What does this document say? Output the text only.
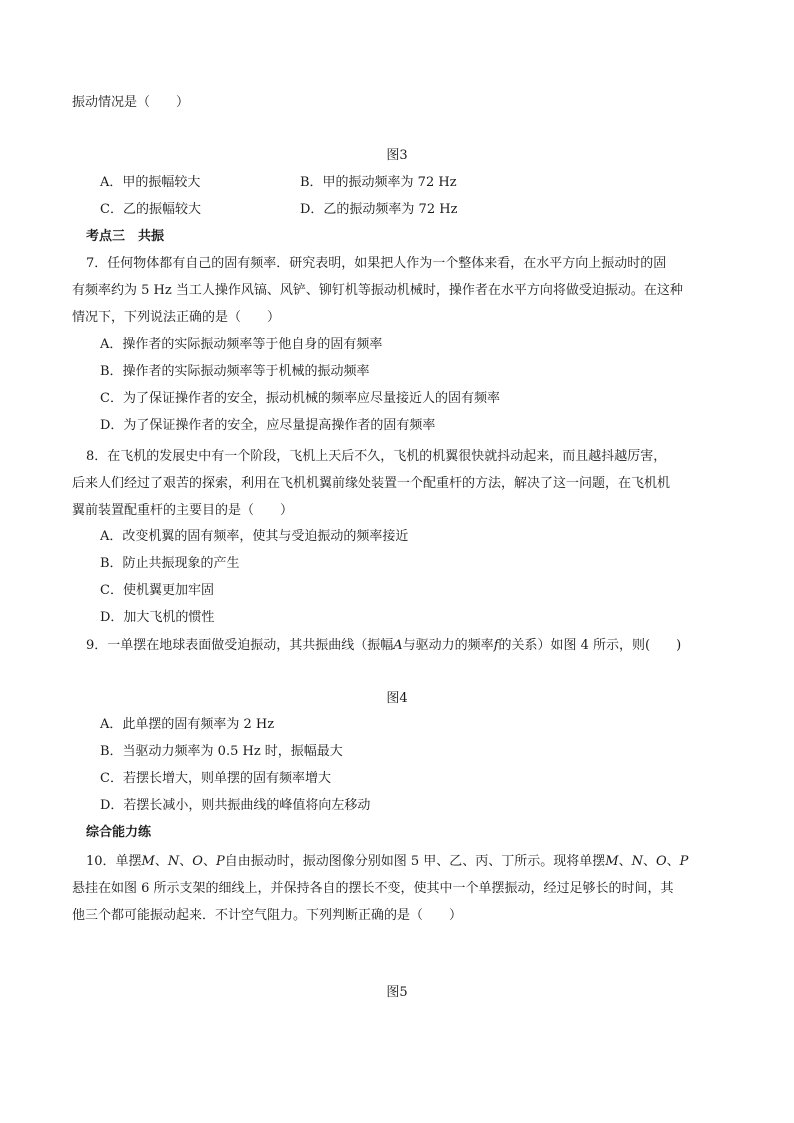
振动情况是（　　）
图3
A．甲的振幅较大	B．甲的振动频率为 72 Hz
C．乙的振幅较大	D．乙的振动频率为 72 Hz
考点三　共振
7．任何物体都有自己的固有频率．研究表明，如果把人作为一个整体来看，在水平方向上振动时的固
有频率约为 5 Hz 当工人操作风镐、风铲、铆钉机等振动机械时，操作者在水平方向将做受迫振动。在这种
情况下，下列说法正确的是（　　）
A．操作者的实际振动频率等于他自身的固有频率
B．操作者的实际振动频率等于机械的振动频率
C．为了保证操作者的安全，振动机械的频率应尽量接近人的固有频率
D．为了保证操作者的安全，应尽量提高操作者的固有频率
8．在飞机的发展史中有一个阶段，飞机上天后不久，飞机的机翼很快就抖动起来，而且越抖越厉害，
后来人们经过了艰苦的探索，利用在飞机机翼前缘处装置一个配重杆的方法，解决了这一问题，在飞机机
翼前装置配重杆的主要目的是（　　）
A．改变机翼的固有频率，使其与受迫振动的频率接近
B．防止共振现象的产生
C．使机翼更加牢固
D．加大飞机的惯性
9．一单摆在地球表面做受迫振动，其共振曲线（振幅A与驱动力的频率f的关系）如图 4 所示，则(　　)
图4
A．此单摆的固有频率为 2 Hz
B．当驱动力频率为 0.5 Hz 时，振幅最大
C．若摆长增大，则单摆的固有频率增大
D．若摆长减小，则共振曲线的峰值将向左移动
综合能力练
10．单摆M、N、O、P自由振动时，振动图像分别如图 5 甲、乙、丙、丁所示。现将单摆M、N、O、P
悬挂在如图 6 所示支架的细线上，并保持各自的摆长不变，使其中一个单摆振动，经过足够长的时间，其
他三个都可能振动起来．不计空气阻力。下列判断正确的是（　　）
图5
